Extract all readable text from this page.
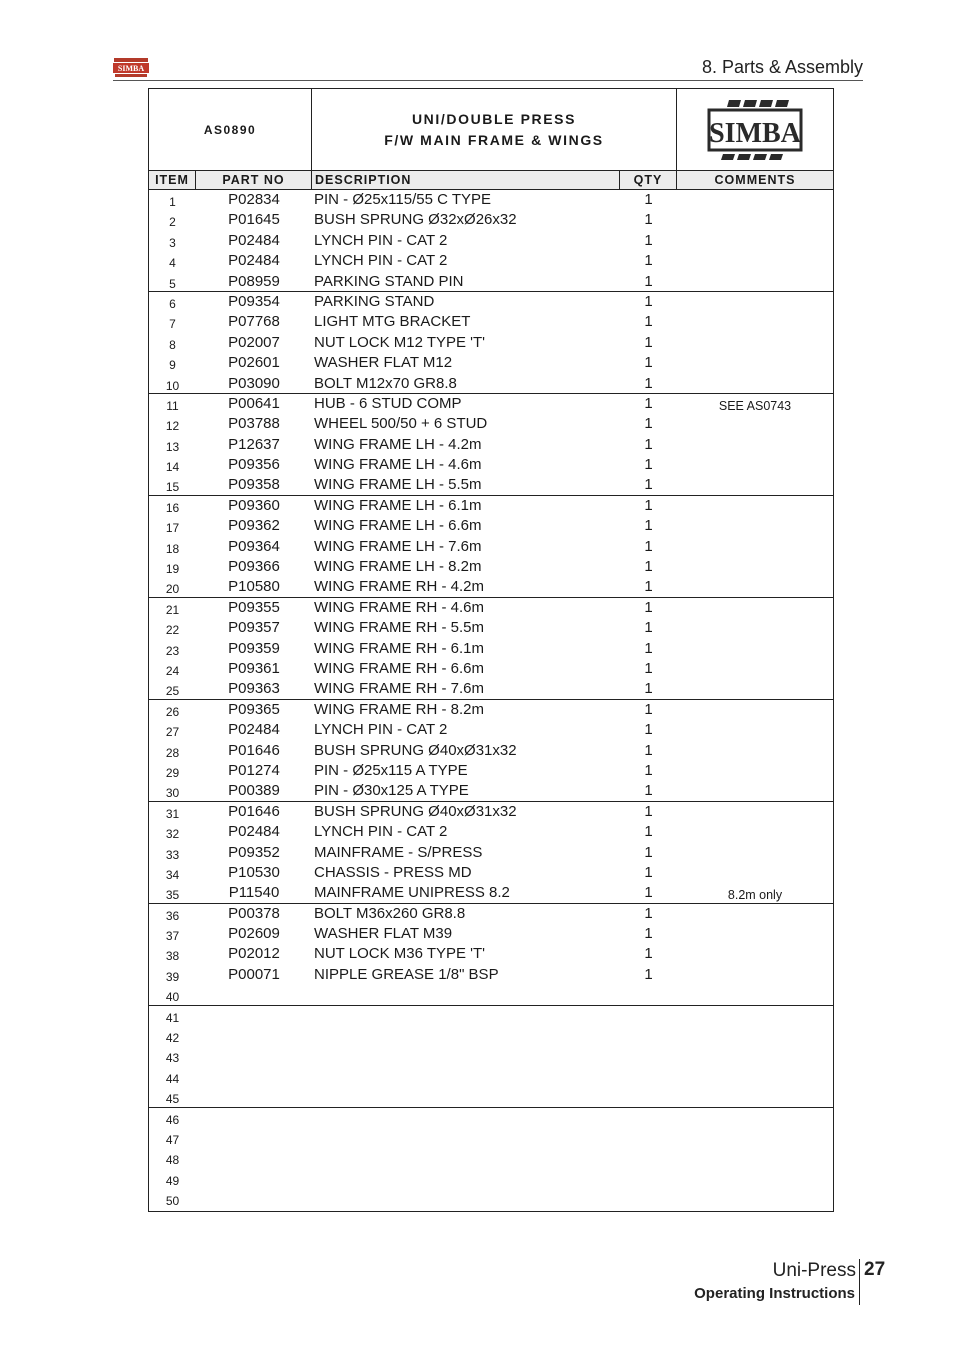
SIMBA	8. Parts & Assembly
AS0890
UNI/DOUBLE PRESS
F/W MAIN FRAME & WINGS	SIMBA
ITEM	PART NO	DESCRIPTION	QTY	COMMENTS
1	P02834	PIN - Ø25x115/55 C TYPE	1
2	P01645	BUSH SPRUNG Ø32xØ26x32	1
3	P02484	LYNCH PIN - CAT 2	1
4	P02484	LYNCH PIN - CAT 2	1
5	P08959	PARKING STAND PIN	1
6	P09354	PARKING STAND	1
7	P07768	LIGHT MTG BRACKET	1
8	P02007	NUT LOCK M12 TYPE 'T'	1
9	P02601	WASHER FLAT M12	1
10	P03090	BOLT M12x70 GR8.8	1
11	P00641	HUB - 6 STUD COMP	1	SEE AS0743
12	P03788	WHEEL 500/50 + 6 STUD	1
13	P12637	WING FRAME LH - 4.2m	1
14	P09356	WING FRAME LH - 4.6m	1
15	P09358	WING FRAME LH - 5.5m	1
16	P09360	WING FRAME LH - 6.1m	1
17	P09362	WING FRAME LH - 6.6m	1
18	P09364	WING FRAME LH - 7.6m	1
19	P09366	WING FRAME LH - 8.2m	1
20	P10580	WING FRAME RH - 4.2m	1
21	P09355	WING FRAME RH - 4.6m	1
22	P09357	WING FRAME RH - 5.5m	1
23	P09359	WING FRAME RH - 6.1m	1
24	P09361	WING FRAME RH - 6.6m	1
25	P09363	WING FRAME RH - 7.6m	1
26	P09365	WING FRAME RH - 8.2m	1
27	P02484	LYNCH PIN - CAT 2	1
28	P01646	BUSH SPRUNG Ø40xØ31x32	1
29	P01274	PIN - Ø25x115 A TYPE	1
30	P00389	PIN - Ø30x125 A TYPE	1
31	P01646	BUSH SPRUNG Ø40xØ31x32	1
32	P02484	LYNCH PIN - CAT 2	1
33	P09352	MAINFRAME - S/PRESS	1
34	P10530	CHASSIS - PRESS MD	1
35	P11540	MAINFRAME UNIPRESS 8.2	1	8.2m only
36	P00378	BOLT M36x260 GR8.8	1
37	P02609	WASHER FLAT M39	1
38	P02012	NUT LOCK M36 TYPE 'T'	1
39	P00071	NIPPLE GREASE 1/8" BSP	1
40
41
42
43
44
45
46
47
48
49
50
Uni-Press 27
Operating Instructions
